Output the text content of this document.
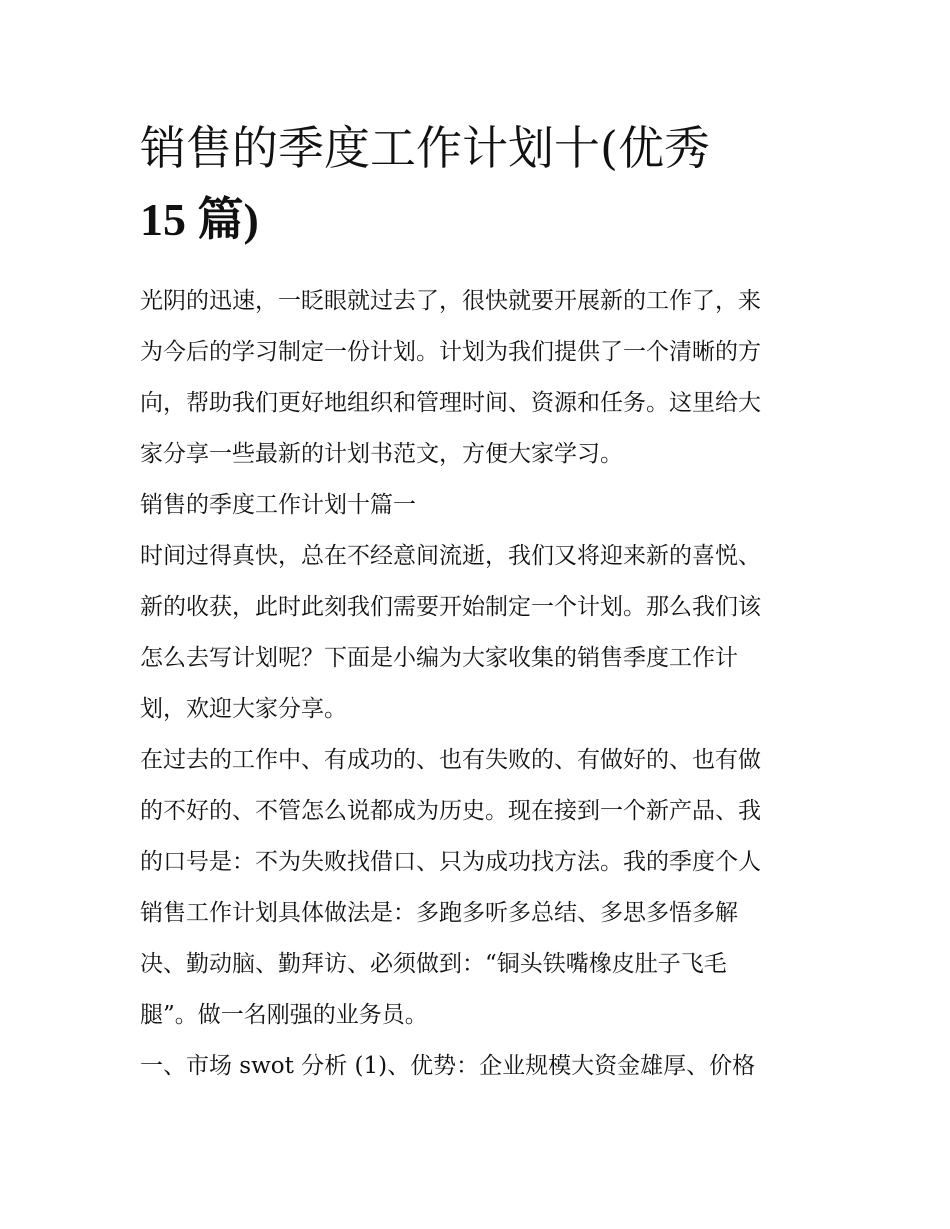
销售的季度工作计划十(优秀
15 篇)
光阴的迅速，一眨眼就过去了，很快就要开展新的工作了，来
为今后的学习制定一份计划。计划为我们提供了一个清晰的方
向，帮助我们更好地组织和管理时间、资源和任务。这里给大
家分享一些最新的计划书范文，方便大家学习。
销售的季度工作计划十篇一
时间过得真快，总在不经意间流逝，我们又将迎来新的喜悦、
新的收获，此时此刻我们需要开始制定一个计划。那么我们该
怎么去写计划呢？下面是小编为大家收集的销售季度工作计
划，欢迎大家分享。
在过去的工作中、有成功的、也有失败的、有做好的、也有做
的不好的、不管怎么说都成为历史。现在接到一个新产品、我
的口号是：不为失败找借口、只为成功找方法。我的季度个人
销售工作计划具体做法是：多跑多听多总结、多思多悟多解
决、勤动脑、勤拜访、必须做到：“铜头铁嘴橡皮肚子飞毛
腿”。做一名刚强的业务员。
一、市场 swot 分析 (1)、优势：企业规模大资金雄厚、价格
